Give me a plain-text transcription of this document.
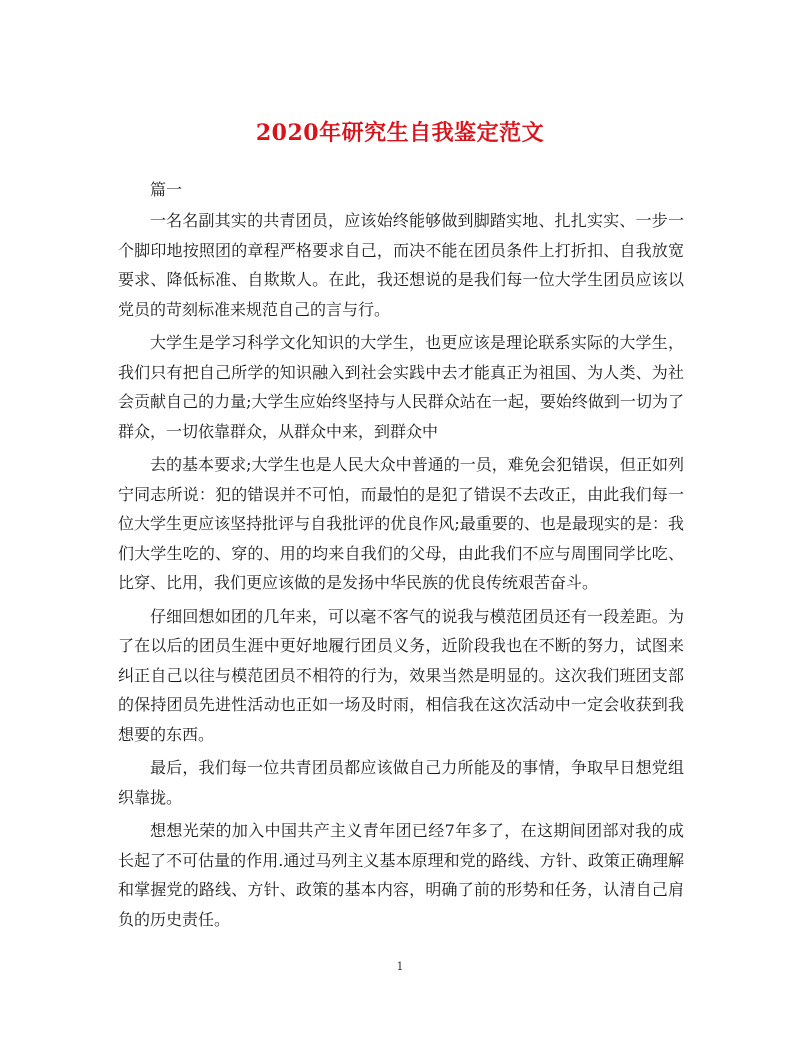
2020年研究生自我鉴定范文

篇一

一名名副其实的共青团员，应该始终能够做到脚踏实地、扎扎实实、一步一个脚印地按照团的章程严格要求自己，而决不能在团员条件上打折扣、自我放宽要求、降低标准、自欺欺人。在此，我还想说的是我们每一位大学生团员应该以党员的苛刻标准来规范自己的言与行。

大学生是学习科学文化知识的大学生，也更应该是理论联系实际的大学生，我们只有把自己所学的知识融入到社会实践中去才能真正为祖国、为人类、为社会贡献自己的力量;大学生应始终坚持与人民群众站在一起，要始终做到一切为了群众，一切依靠群众，从群众中来，到群众中

去的基本要求;大学生也是人民大众中普通的一员，难免会犯错误，但正如列宁同志所说：犯的错误并不可怕，而最怕的是犯了错误不去改正，由此我们每一位大学生更应该坚持批评与自我批评的优良作风;最重要的、也是最现实的是：我们大学生吃的、穿的、用的均来自我们的父母，由此我们不应与周围同学比吃、比穿、比用，我们更应该做的是发扬中华民族的优良传统艰苦奋斗。

仔细回想如团的几年来，可以毫不客气的说我与模范团员还有一段差距。为了在以后的团员生涯中更好地履行团员义务，近阶段我也在不断的努力，试图来纠正自己以往与模范团员不相符的行为，效果当然是明显的。这次我们班团支部的保持团员先进性活动也正如一场及时雨，相信我在这次活动中一定会收获到我想要的东西。

最后，我们每一位共青团员都应该做自己力所能及的事情，争取早日想党组织靠拢。

想想光荣的加入中国共产主义青年团已经7年多了，在这期间团部对我的成长起了不可估量的作用.通过马列主义基本原理和党的路线、方针、政策正确理解和掌握党的路线、方针、政策的基本内容，明确了前的形势和任务，认清自己肩负的历史责任。

1
